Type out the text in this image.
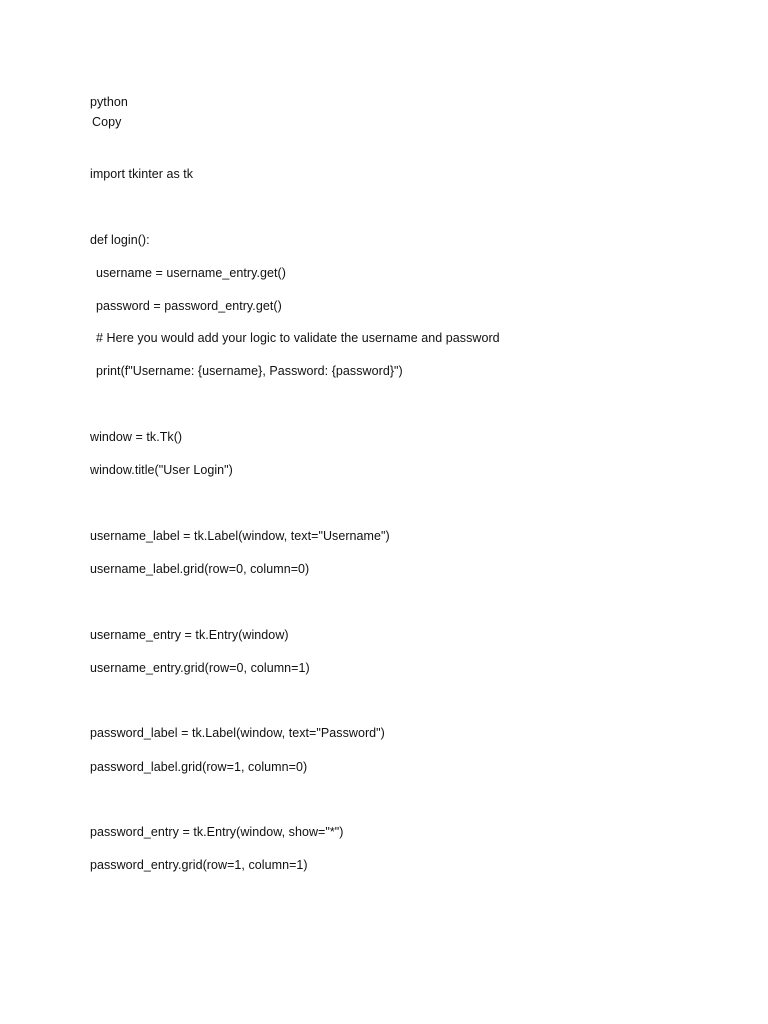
python
Copy
import tkinter as tk
def login():
username = username_entry.get()
password = password_entry.get()
# Here you would add your logic to validate the username and password
print(f"Username: {username}, Password: {password}")
window = tk.Tk()
window.title("User Login")
username_label = tk.Label(window, text="Username")
username_label.grid(row=0, column=0)
username_entry = tk.Entry(window)
username_entry.grid(row=0, column=1)
password_label = tk.Label(window, text="Password")
password_label.grid(row=1, column=0)
password_entry = tk.Entry(window, show="*")
password_entry.grid(row=1, column=1)
